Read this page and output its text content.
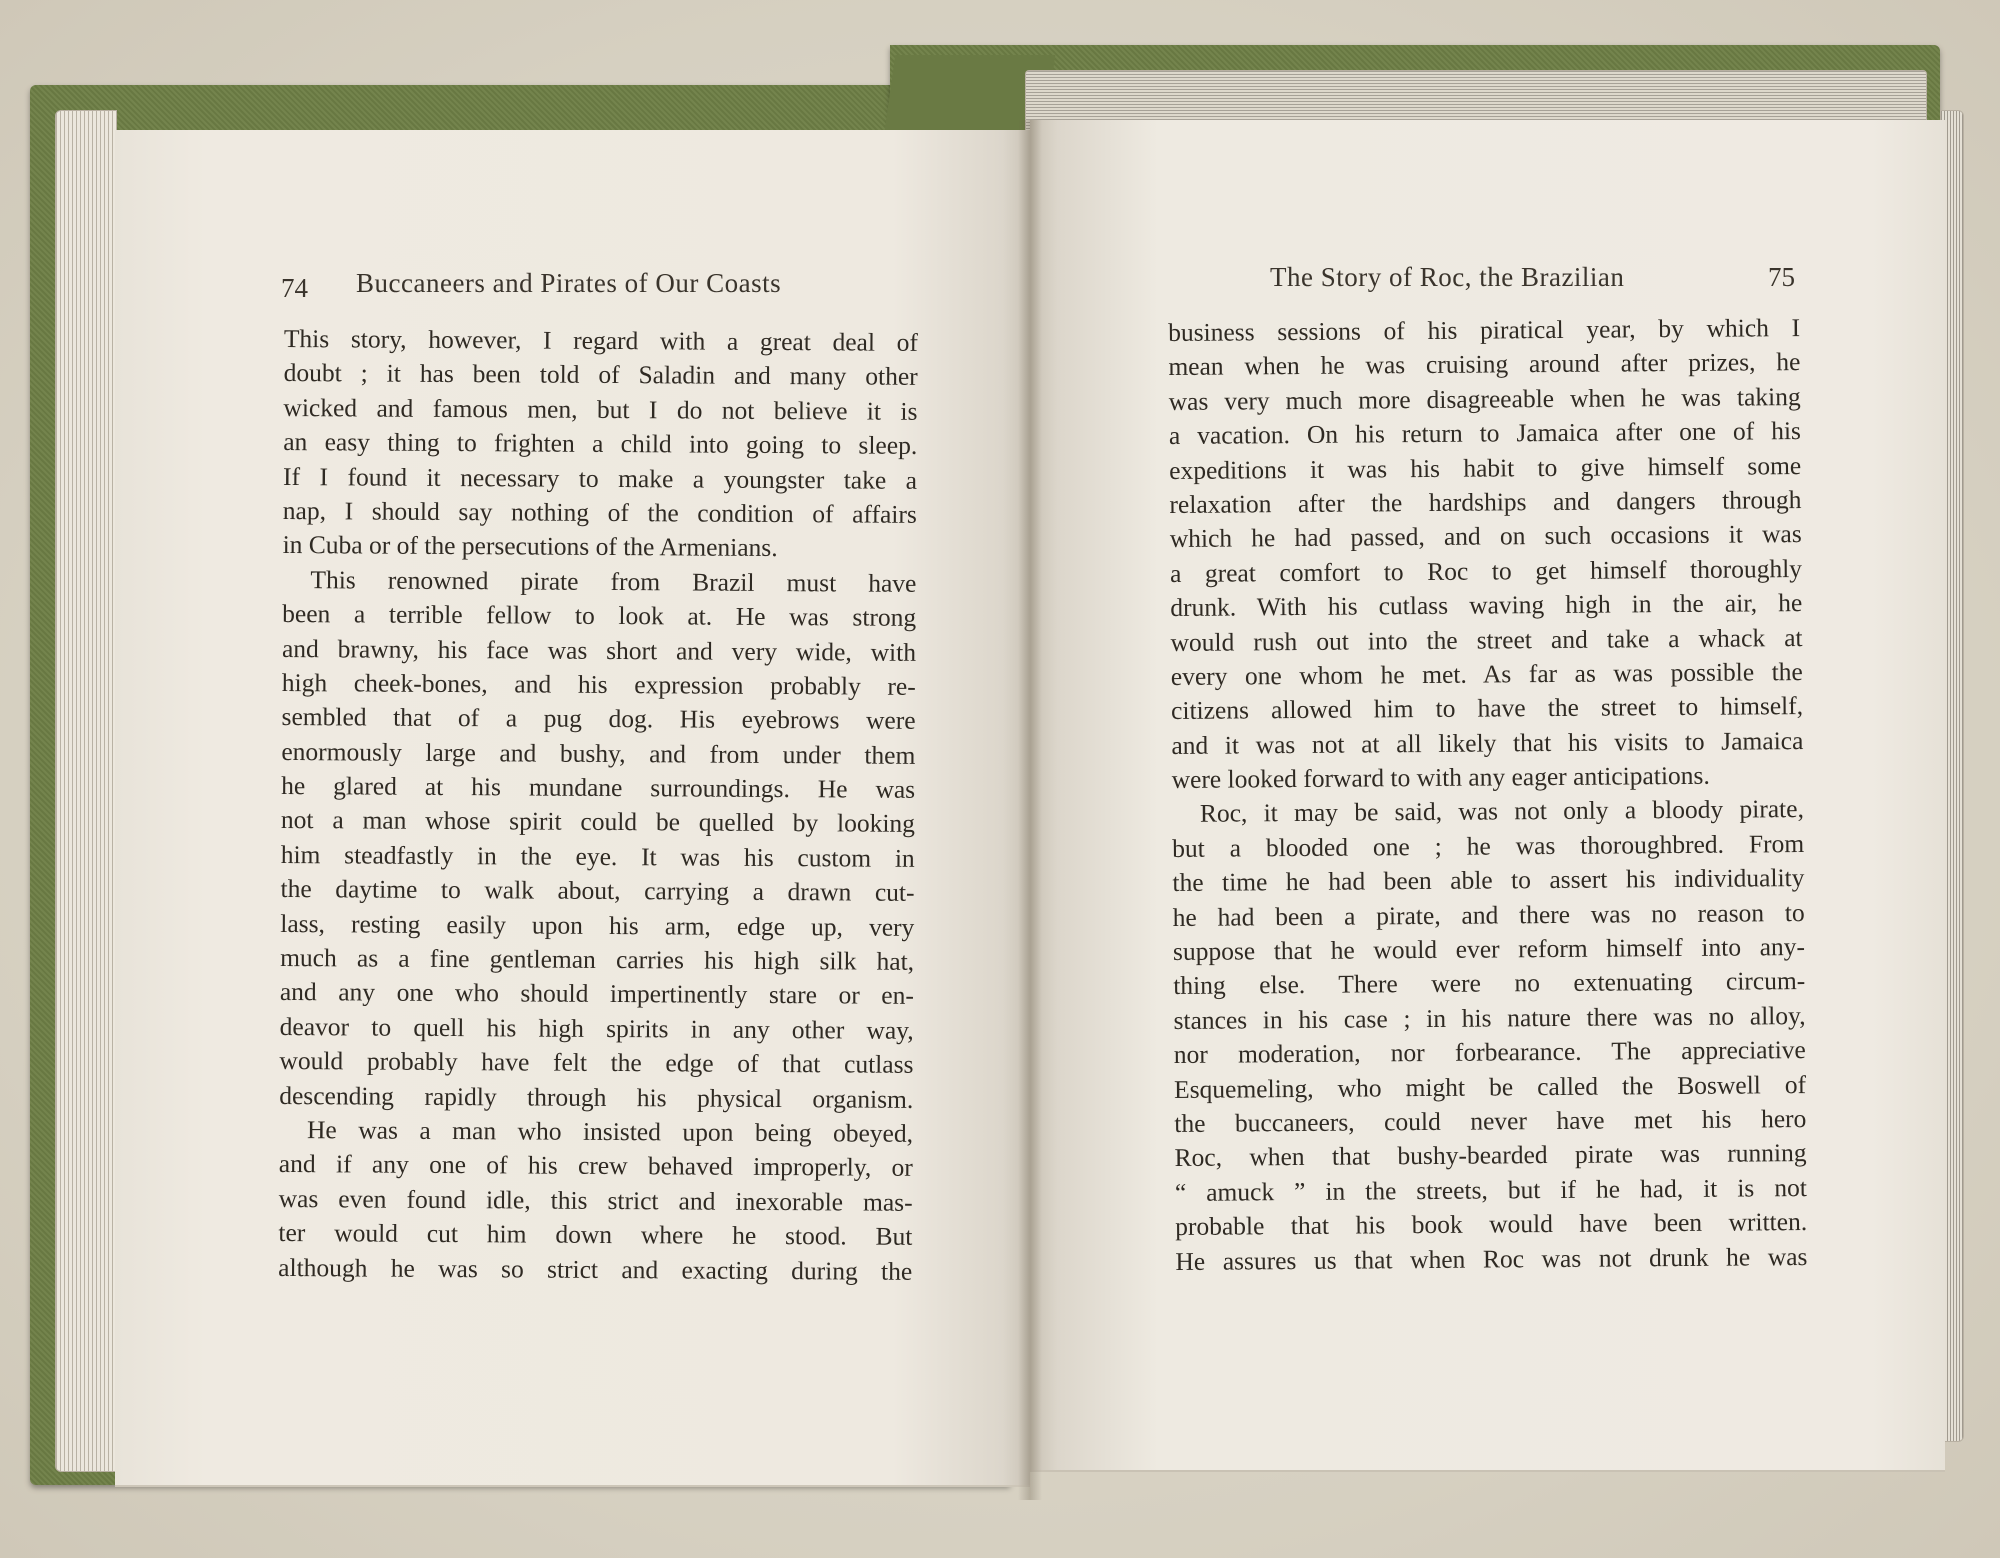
74 Buccaneers and Pirates of Our Coasts	The Story of Roc, the Brazilian	75
This story, however, I regard with a great deal of
doubt ; it has been told of Saladin and many other
wicked and famous men, but I do not believe it is
an easy thing to frighten a child into going to sleep.
If I found it necessary to make a youngster take a
nap, I should say nothing of the condition of affairs
in Cuba or of the persecutions of the Armenians.
This renowned pirate from Brazil must have
been a terrible fellow to look at. He was strong
and brawny, his face was short and very wide, with
high cheek-bones, and his expression probably re-
sembled that of a pug dog. His eyebrows were
enormously large and bushy, and from under them
he glared at his mundane surroundings. He was
not a man whose spirit could be quelled by looking
him steadfastly in the eye. It was his custom in
the daytime to walk about, carrying a drawn cut-
lass, resting easily upon his arm, edge up, very
much as a fine gentleman carries his high silk hat,
and any one who should impertinently stare or en-
deavor to quell his high spirits in any other way,
would probably have felt the edge of that cutlass
descending rapidly through his physical organism.
He was a man who insisted upon being obeyed,
and if any one of his crew behaved improperly, or
was even found idle, this strict and inexorable mas-
ter would cut him down where he stood. But
although he was so strict and exacting during the
business sessions of his piratical year, by which I
mean when he was cruising around after prizes, he
was very much more disagreeable when he was taking
a vacation. On his return to Jamaica after one of his
expeditions it was his habit to give himself some
relaxation after the hardships and dangers through
which he had passed, and on such occasions it was
a great comfort to Roc to get himself thoroughly
drunk. With his cutlass waving high in the air, he
would rush out into the street and take a whack at
every one whom he met. As far as was possible the
citizens allowed him to have the street to himself,
and it was not at all likely that his visits to Jamaica
were looked forward to with any eager anticipations.
Roc, it may be said, was not only a bloody pirate,
but a blooded one ; he was thoroughbred. From
the time he had been able to assert his individuality
he had been a pirate, and there was no reason to
suppose that he would ever reform himself into any-
thing else. There were no extenuating circum-
stances in his case ; in his nature there was no alloy,
nor moderation, nor forbearance. The appreciative
Esquemeling, who might be called the Boswell of
the buccaneers, could never have met his hero
Roc, when that bushy-bearded pirate was running
“ amuck ” in the streets, but if he had, it is not
probable that his book would have been written.
He assures us that when Roc was not drunk he was
